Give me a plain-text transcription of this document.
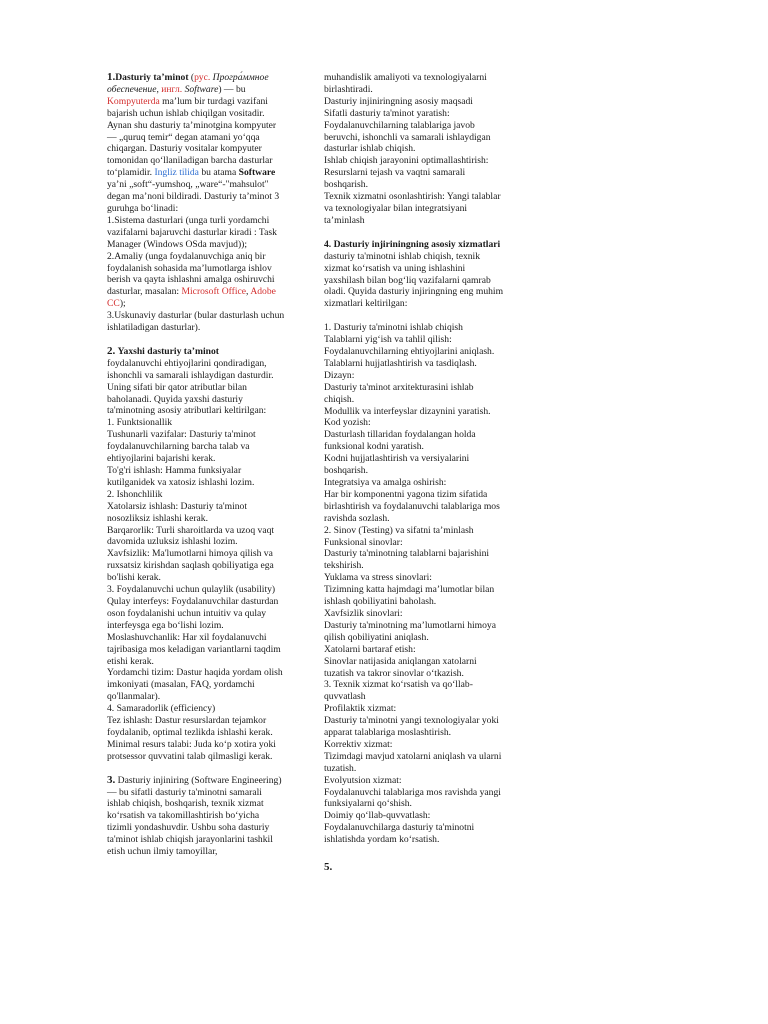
1.Dasturiy ta’minot (рус. Програ́ммное обеспечение, ингл. Software) — bu Kompyuterda ma’lum bir turdagi vazifani bajarish uchun ishlab chiqilgan vositadir. Aynan shu dasturiy ta’minotgina kompyuter — „quruq temir“ degan atamani yo‘qqa chiqargan. Dasturiy vositalar kompyuter tomonidan qo‘llaniladigan barcha dasturlar to‘plamidir. Ingliz tilida bu atama Software ya’ni „soft“-yumshoq, „ware“-"mahsulot" degan ma’noni bildiradi. Dasturiy ta’minot 3 guruhga bo‘linadi:

1.Sistema dasturlari (unga turli yordamchi vazifalarni bajaruvchi dasturlar kiradi : Task Manager (Windows OSda mavjud));

2.Amaliy (unga foydalanuvchiga aniq bir foydalanish sohasida ma’lumotlarga ishlov berish va qayta ishlashni amalga oshiruvchi dasturlar, masalan: Microsoft Office, Adobe CC);

3.Uskunaviy dasturlar (bular dasturlash uchun ishlatiladigan dasturlar).

2. Yaxshi dasturiy ta’minot

foydalanuvchi ehtiyojlarini qondiradigan, ishonchli va samarali ishlaydigan dasturdir. Uning sifati bir qator atributlar bilan baholanadi. Quyida yaxshi dasturiy ta'minotning asosiy atributlari keltirilgan:

1. Funktsionallik

Tushunarli vazifalar: Dasturiy ta'minot foydalanuvchilarning barcha talab va ehtiyojlarini bajarishi kerak.

To'g'ri ishlash: Hamma funksiyalar kutilganidek va xatosiz ishlashi lozim.

2. Ishonchlilik

Xatolarsiz ishlash: Dasturiy ta'minot nosozliksiz ishlashi kerak.

Barqarorlik: Turli sharoitlarda va uzoq vaqt davomida uzluksiz ishlashi lozim.

Xavfsizlik: Ma'lumotlarni himoya qilish va ruxsatsiz kirishdan saqlash qobiliyatiga ega bo'lishi kerak.

3. Foydalanuvchi uchun qulaylik (usability)

Qulay interfeys: Foydalanuvchilar dasturdan oson foydalanishi uchun intuitiv va qulay interfeysga ega bo‘lishi lozim.

Moslashuvchanlik: Har xil foydalanuvchi tajribasiga mos keladigan variantlarni taqdim etishi kerak.

Yordamchi tizim: Dastur haqida yordam olish imkoniyati (masalan, FAQ, yordamchi qo'llanmalar).

4. Samaradorlik (efficiency)

Tez ishlash: Dastur resurslardan tejamkor foydalanib, optimal tezlikda ishlashi kerak.

Minimal resurs talabi: Juda ko‘p xotira yoki protsessor quvvatini talab qilmasligi kerak.

3. Dasturiy injiniring (Software Engineering) — bu sifatli dasturiy ta'minotni samarali ishlab chiqish, boshqarish, texnik xizmat ko‘rsatish va takomillashtirish bo‘yicha tizimli yondashuvdir. Ushbu soha dasturiy ta'minot ishlab chiqish jarayonlarini tashkil etish uchun ilmiy tamoyillar,

muhandislik amaliyoti va texnologiyalarni birlashtiradi.

Dasturiy injiniringning asosiy maqsadi

Sifatli dasturiy ta'minot yaratish: Foydalanuvchilarning talablariga javob beruvchi, ishonchli va samarali ishlaydigan dasturlar ishlab chiqish.

Ishlab chiqish jarayonini optimallashtirish: Resurslarni tejash va vaqtni samarali boshqarish.

Texnik xizmatni osonlashtirish: Yangi talablar va texnologiyalar bilan integratsiyani ta’minlash

4. Dasturiy injiriningning asosiy xizmatlari dasturiy ta'minotni ishlab chiqish, texnik xizmat ko‘rsatish va uning ishlashini yaxshilash bilan bog‘liq vazifalarni qamrab oladi. Quyida dasturiy injiringning eng muhim xizmatlari keltirilgan:

1. Dasturiy ta'minotni ishlab chiqish

Talablarni yig‘ish va tahlil qilish: Foydalanuvchilarning ehtiyojlarini aniqlash.

Talablarni hujjatlashtirish va tasdiqlash.

Dizayn:

Dasturiy ta'minot arxitekturasini ishlab chiqish.

Modullik va interfeyslar dizaynini yaratish.

Kod yozish:

Dasturlash tillaridan foydalangan holda funksional kodni yaratish.

Kodni hujjatlashtirish va versiyalarini boshqarish.

Integratsiya va amalga oshirish:

Har bir komponentni yagona tizim sifatida birlashtirish va foydalanuvchi talablariga mos ravishda sozlash.

2. Sinov (Testing) va sifatni ta’minlash

Funksional sinovlar:

Dasturiy ta'minotning talablarni bajarishini tekshirish.

Yuklama va stress sinovlari:

Tizimning katta hajmdagi ma’lumotlar bilan ishlash qobiliyatini baholash.

Xavfsizlik sinovlari:

Dasturiy ta'minotning ma’lumotlarni himoya qilish qobiliyatini aniqlash.

Xatolarni bartaraf etish:

Sinovlar natijasida aniqlangan xatolarni tuzatish va takror sinovlar o‘tkazish.

3. Texnik xizmat ko‘rsatish va qo‘llab-quvvatlash

Profilaktik xizmat:

Dasturiy ta'minotni yangi texnologiyalar yoki apparat talablariga moslashtirish.

Korrektiv xizmat:

Tizimdagi mavjud xatolarni aniqlash va ularni tuzatish.

Evolyutsion xizmat:

Foydalanuvchi talablariga mos ravishda yangi funksiyalarni qo‘shish.

Doimiy qo‘llab-quvvatlash:

Foydalanuvchilarga dasturiy ta'minotni ishlatishda yordam ko‘rsatish.

5.
